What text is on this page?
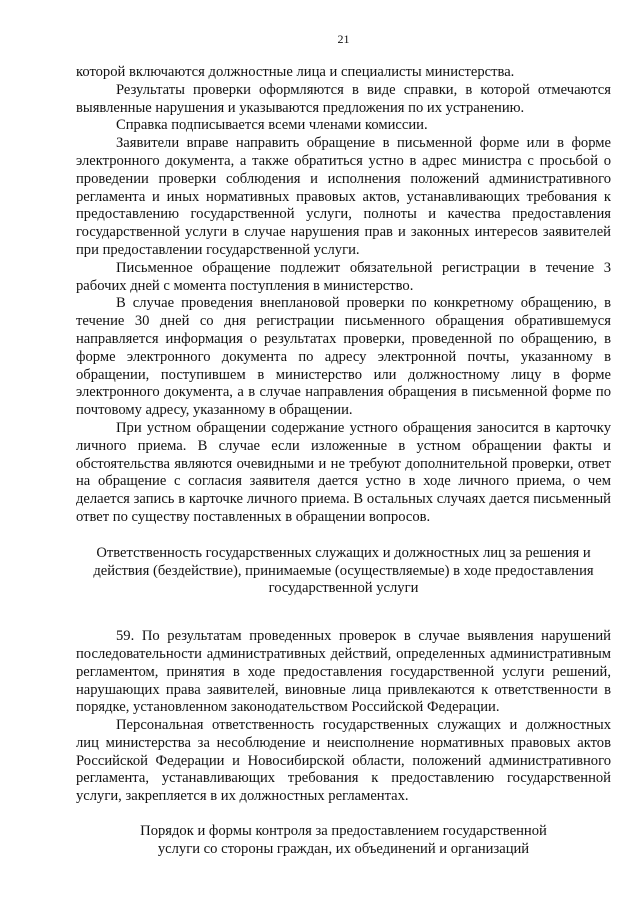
21

которой включаются должностные лица и специалисты министерства.

Результаты проверки оформляются в виде справки, в которой отмечаются выявленные нарушения и указываются предложения по их устранению.

Справка подписывается всеми членами комиссии.

Заявители вправе направить обращение в письменной форме или в форме электронного документа, а также обратиться устно в адрес министра с просьбой о проведении проверки соблюдения и исполнения положений административного регламента и иных нормативных правовых актов, устанавливающих требования к предоставлению государственной услуги, полноты и качества предоставления государственной услуги в случае нарушения прав и законных интересов заявителей при предоставлении государственной услуги.

Письменное обращение подлежит обязательной регистрации в течение 3 рабочих дней с момента поступления в министерство.

В случае проведения внеплановой проверки по конкретному обращению, в течение 30 дней со дня регистрации письменного обращения обратившемуся направляется информация о результатах проверки, проведенной по обращению, в форме электронного документа по адресу электронной почты, указанному в обращении, поступившем в министерство или должностному лицу в форме электронного документа, а в случае направления обращения в письменной форме по почтовому адресу, указанному в обращении.

При устном обращении содержание устного обращения заносится в карточку личного приема. В случае если изложенные в устном обращении факты и обстоятельства являются очевидными и не требуют дополнительной проверки, ответ на обращение с согласия заявителя дается устно в ходе личного приема, о чем делается запись в карточке личного приема. В остальных случаях дается письменный ответ по существу поставленных в обращении вопросов.

Ответственность государственных служащих и должностных лиц за решения и действия (бездействие), принимаемые (осуществляемые) в ходе предоставления государственной услуги

59. По результатам проведенных проверок в случае выявления нарушений последовательности административных действий, определенных административным регламентом, принятия в ходе предоставления государственной услуги решений, нарушающих права заявителей, виновные лица привлекаются к ответственности в порядке, установленном законодательством Российской Федерации.

Персональная ответственность государственных служащих и должностных лиц министерства за несоблюдение и неисполнение нормативных правовых актов Российской Федерации и Новосибирской области, положений административного регламента, устанавливающих требования к предоставлению государственной услуги, закрепляется в их должностных регламентах.

Порядок и формы контроля за предоставлением государственной услуги со стороны граждан, их объединений и организаций
